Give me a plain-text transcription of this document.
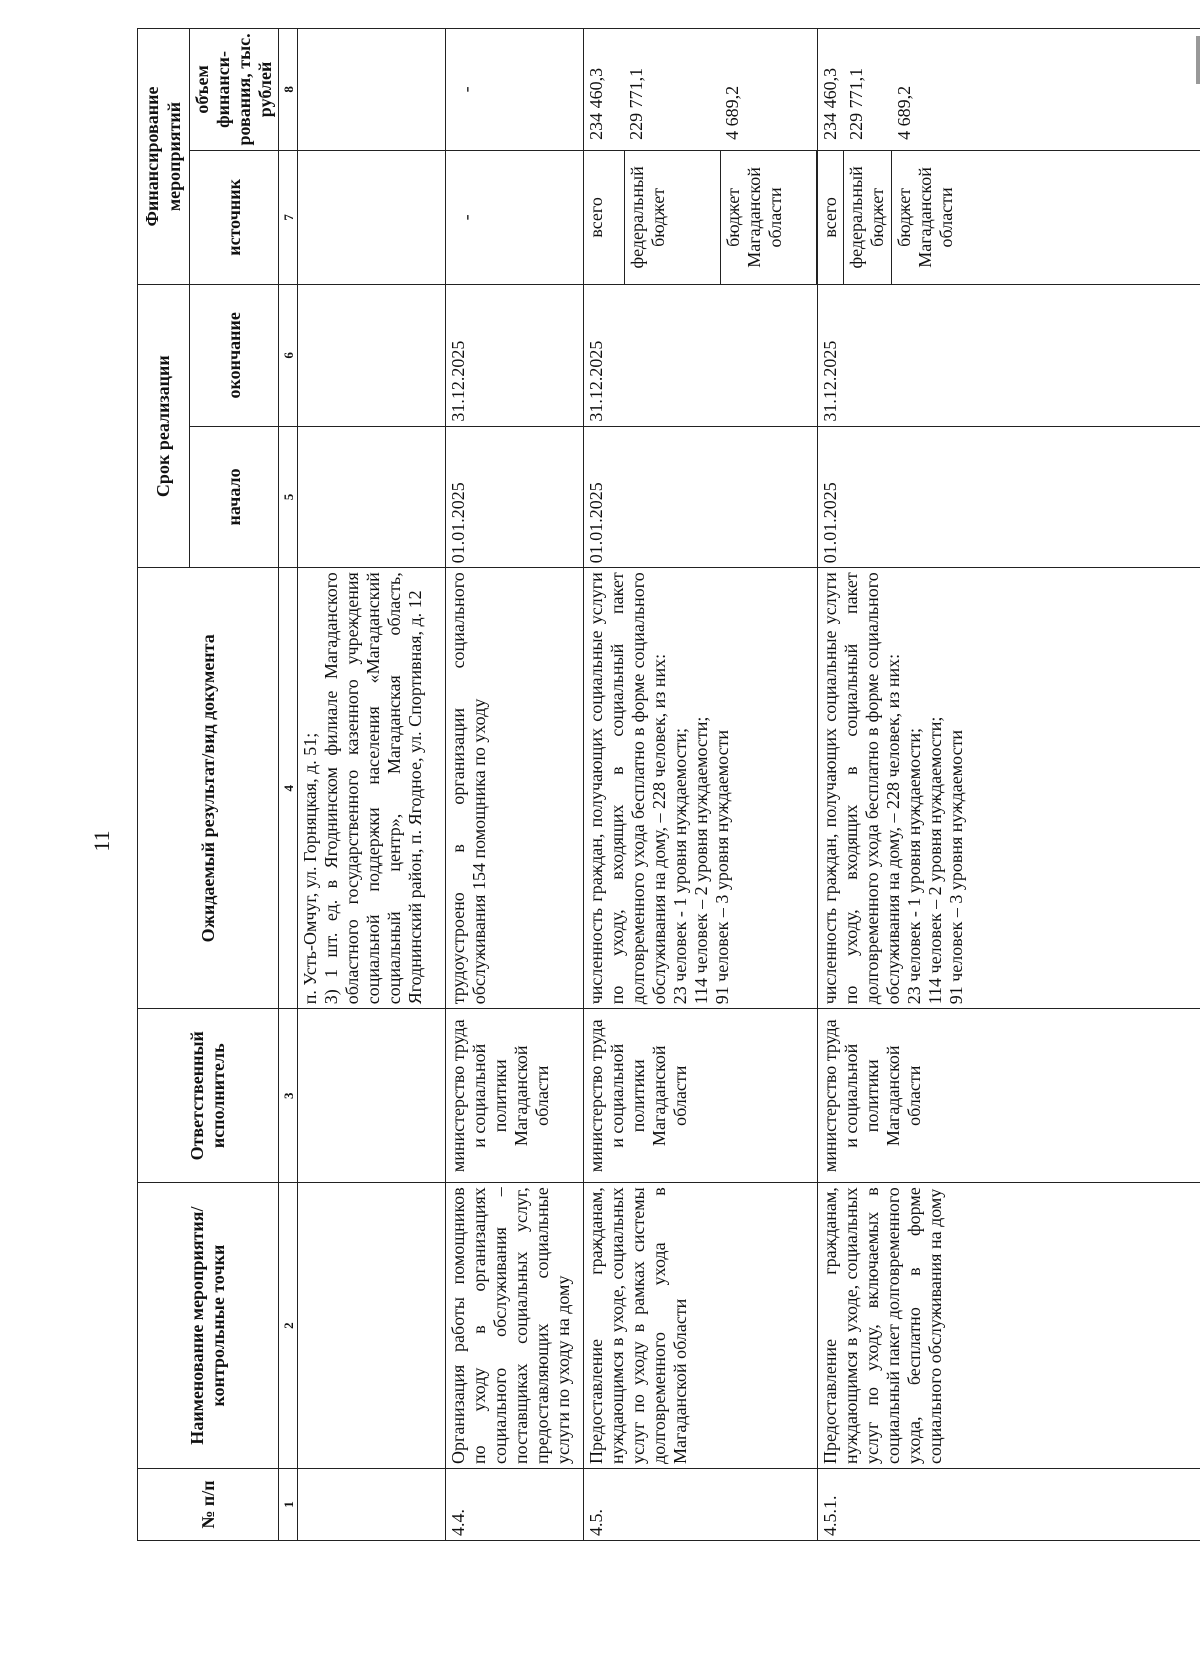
11
№ п/п	Наименование мероприятия/ контрольные точки	Ответственный исполнитель	Ожидаемый результат/вид документа	Срок реализации	Финансирование мероприятий
начало	окончание	источник	объем финанси-рования, тыс. рублей
1	2	3	4	5	6	7	8
			п. Усть-Омчуг, ул. Горняцкая, д. 51;
3) 1 шт. ед. в Ягоднинском филиале Магаданского областного государственного казенного учреждения социальной поддержки населения «Магаданский социальный центр», Магаданская область, Ягоднинский район, п. Ягодное, ул. Спортивная, д. 12				
4.4.	Организация работы помощников по уходу в организациях социального обслуживания – поставщиках социальных услуг, предоставляющих социальные услуги по уходу на дому	министерство труда и социальной политики Магаданской области	трудоустроено в организации социального обслуживания 154 помощника по уходу	01.01.2025	31.12.2025	-	-
4.5.	Предоставление гражданам, нуждающимся в уходе, социальных услуг по уходу в рамках системы долговременного ухода в Магаданской области	министерство труда и социальной политики Магаданской области	численность граждан, получающих социальные услуги по уходу, входящих в социальный пакет долговременного ухода бесплатно в форме социального обслуживания на дому, – 228 человек, из них:
23 человек - 1 уровня нуждаемости;
114 человек – 2 уровня нуждаемости;
91 человек – 3 уровня нуждаемости	01.01.2025	31.12.2025	
всего	234 460,3
федеральный бюджет	229 771,1
бюджет Магаданской области	4 689,2

4.5.1.	Предоставление гражданам, нуждающимся в уходе, социальных услуг по уходу, включаемых в социальный пакет долговременного ухода, бесплатно в форме социального обслуживания на дому	министерство труда и социальной политики Магаданской области	численность граждан, получающих социальные услуги по уходу, входящих в социальный пакет долговременного ухода бесплатно в форме социального обслуживания на дому, – 228 человек, из них:
23 человек - 1 уровня нуждаемости;
114 человек – 2 уровня нуждаемости;
91 человек – 3 уровня нуждаемости	01.01.2025	31.12.2025	
всего	234 460,3
федеральный бюджет	229 771,1
бюджет Магаданской области	4 689,2
